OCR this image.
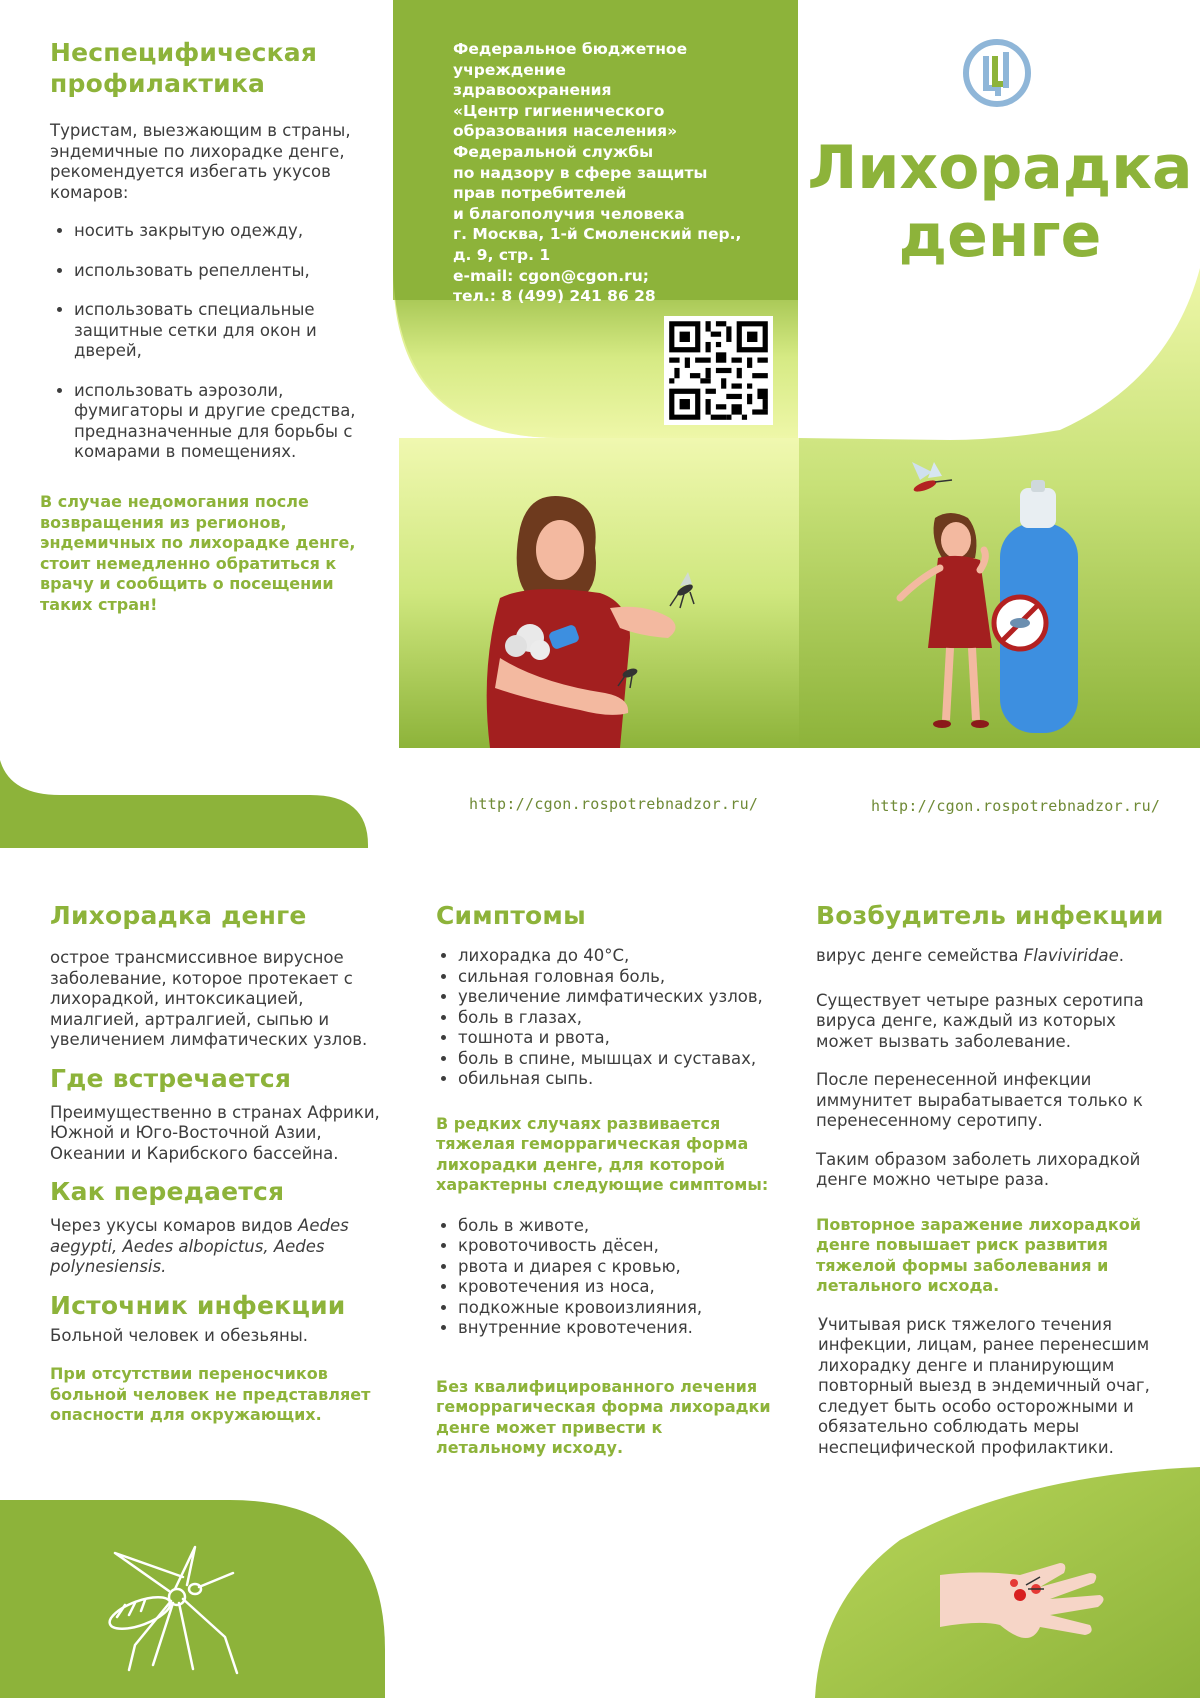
Неспецифическая профилактика

Туристам, выезжающим в страны, эндемичные по лихорадке денге, рекомендуется избегать укусов комаров:

• носить закрытую одежду,
• использовать репелленты,
• использовать специальные защитные сетки для окон и дверей,
• использовать аэрозоли, фумигаторы и другие средства, предназначенные для борьбы с комарами в помещениях.

В случае недомогания после возвращения из регионов, эндемичных по лихорадке денге, стоит немедленно обратиться к врачу и сообщить о посещении таких стран!

Федеральное бюджетное
учреждение
здравоохранения
«Центр гигиенического
образования населения»
Федеральной службы
по надзору в сфере защиты
прав потребителей
и благополучия человека
г. Москва, 1-й Смоленский пер.,
д. 9, стр. 1
e-mail: cgon@cgon.ru;
тел.: 8 (499) 241 86 28
Лихорадка
денге
http://cgon.rospotrebnadzor.ru/	http://cgon.rospotrebnadzor.ru/
Лихорадка денге

острое трансмиссивное вирусное заболевание, которое протекает с лихорадкой, интоксикацией, миалгией, артралгией, сыпью и увеличением лимфатических узлов.

Где встречается

Преимущественно в странах Африки, Южной и Юго-Восточной Азии, Океании и Карибского бассейна.

Как передается

Через укусы комаров видов Aedes aegypti, Aedes albopictus, Aedes polynesiensis.

Источник инфекции

Больной человек и обезьяны.

При отсутствии переносчиков больной человек не представляет опасности для окружающих.

Симптомы
• лихорадка до 40°С,
• сильная головная боль,
• увеличение лимфатических узлов,
• боль в глазах,
• тошнота и рвота,
• боль в спине, мышцах и суставах,
• обильная сыпь.

В редких случаях развивается тяжелая геморрагическая форма лихорадки денге, для которой характерны следующие симптомы:

• боль в животе,
• кровоточивость дёсен,
• рвота и диарея с кровью,
• кровотечения из носа,
• подкожные кровоизлияния,
• внутренние кровотечения.

Без квалифицированного лечения геморрагическая форма лихорадки денге может привести к летальному исходу.

Возбудитель инфекции

вирус денге семейства Flaviviridae.

Существует четыре разных серотипа вируса денге, каждый из которых может вызвать заболевание.

После перенесенной инфекции иммунитет вырабатывается только к перенесенному серотипу.

Таким образом заболеть лихорадкой денге можно четыре раза.

Повторное заражение лихорадкой денге повышает риск развития тяжелой формы заболевания и летального исхода.

Учитывая риск тяжелого течения инфекции, лицам, ранее перенесшим лихорадку денге и планирующим повторный выезд в эндемичный очаг, следует быть особо осторожными и обязательно соблюдать меры неспецифической профилактики.
